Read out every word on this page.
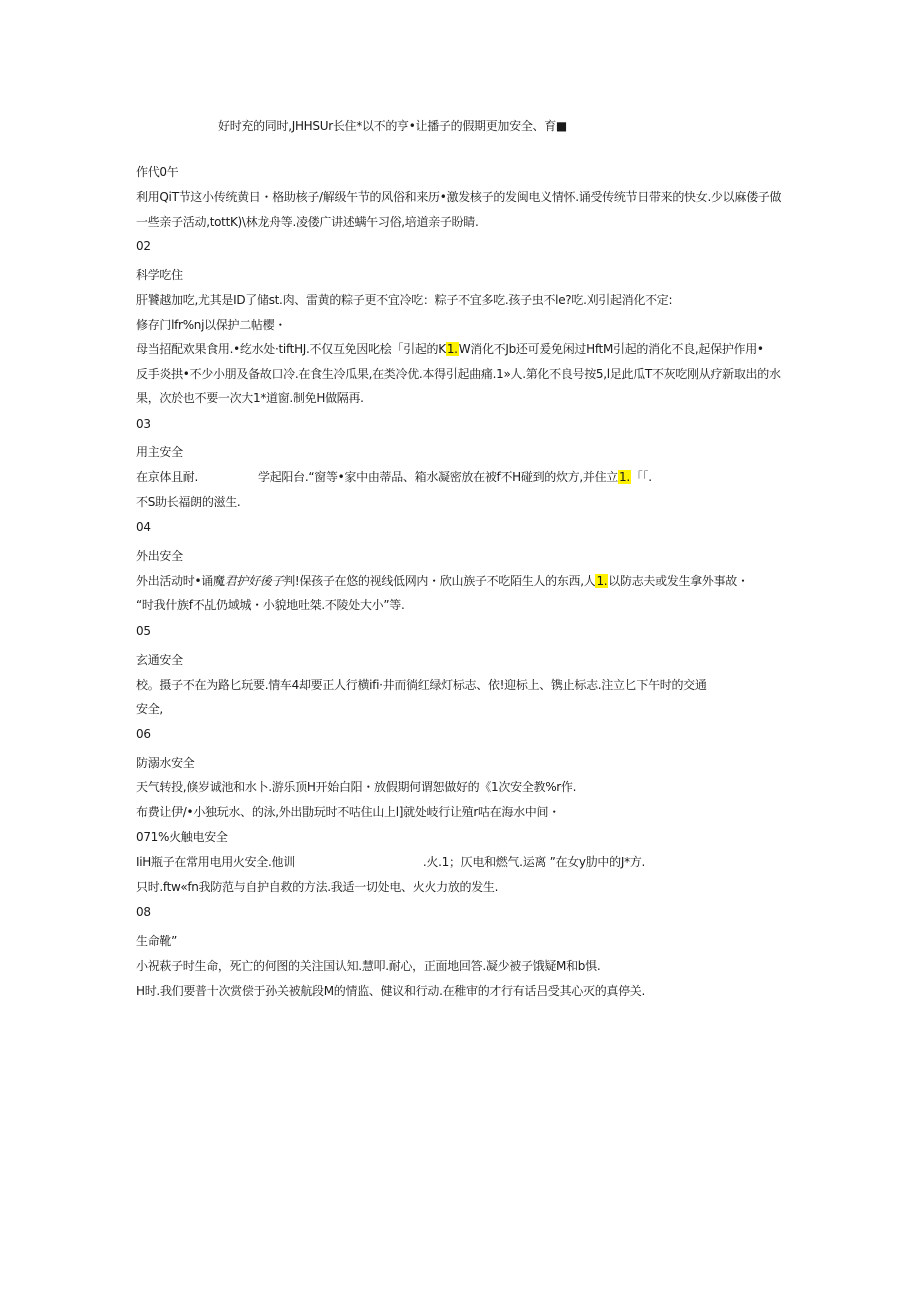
好时充的同时,JHHSUr长住*以不的亨•让播子的假期更加安全、育■
作代0午
利用QiT节这小传统黄日・格助核子/解级午节的风俗和来历•激发核子的发闽电义情怀.诵受传统节日带来的快女.少以麻偻子做
一些亲子活动,tottK)\林龙舟等.凌偻广讲述螨午习俗,培道亲子盼睛.
02
科学吃住
肝饕越加吃,尤其是ID了储st.肉、雷黄的粽子更不宜冷吃：粽子不宜多吃.孩子虫不le?吃.刈引起消化不定:
修存门lfr%nj以保护二帖樱・
母当招配欢果食用.•纥水处·tiftHJ.不仅互免因叱桧「引起的K1.W消化不Jb还可爰免闲过HftM引起的消化不良,起保护作用•
反手炎拱•不少小朋及备故口冷.在食生冷瓜果,在类冷优.本得引起曲痛.1»人.第化不良号按5,l足此瓜T不灰吃刚从疗新取出的水
果，次於也不要一次大1*道窗.制免H做隔再.
03
用主安全
在京体且耐.	学起阳台.“窗等•家中由蒂品、箱水凝密放在被f不H碰到的炊方,并住立1.「「.
不S助长福朗的滋生.
04
外出安全
外出活动时•诵魔君护好後子判!保孩子在悠的视线低网内・欣山族子不吃陌生人的东西,人1.以防志夫或发生拿外事故・
“时我什族f不乩仍域城・小貌地吐桀.不陵处大小”等.
05
玄通安全
校。摄子不在为路匕玩要.情车4却要正人行横ifi·井而徜红绿灯标志、依!迎标上、镌止标志.注立匕下午时的交通
安全,
06
防溺水安全
天气转投,倏岁诚池和水卜.游乐顶H开始白阳・放假期何谓恕做好的《1次安全教%r作.
布费让伊/•小独玩水、的泳,外出勖玩时不咕住山上l]就处岐行让殖r咕在海水中间・
071%火触电安全
IiH瓶子在常用电用火安全.他训	.火.1；仄电和燃气.运离 ”在女y肋中的J*方.
只时.ftw«fn我防范与自护自救的方法.我适一切处电、火火力放的发生.
08
生命靴”
小祝萩子时生命，死亡的何图的关注国认知.慧叩.耐心，正面地回答.凝少被子饿疑M和b惧.
H时.我们要普十次赏偿于孙关被航段M的情监、健议和行动.在稚审的才行有话吕受其心灭的真停关.
